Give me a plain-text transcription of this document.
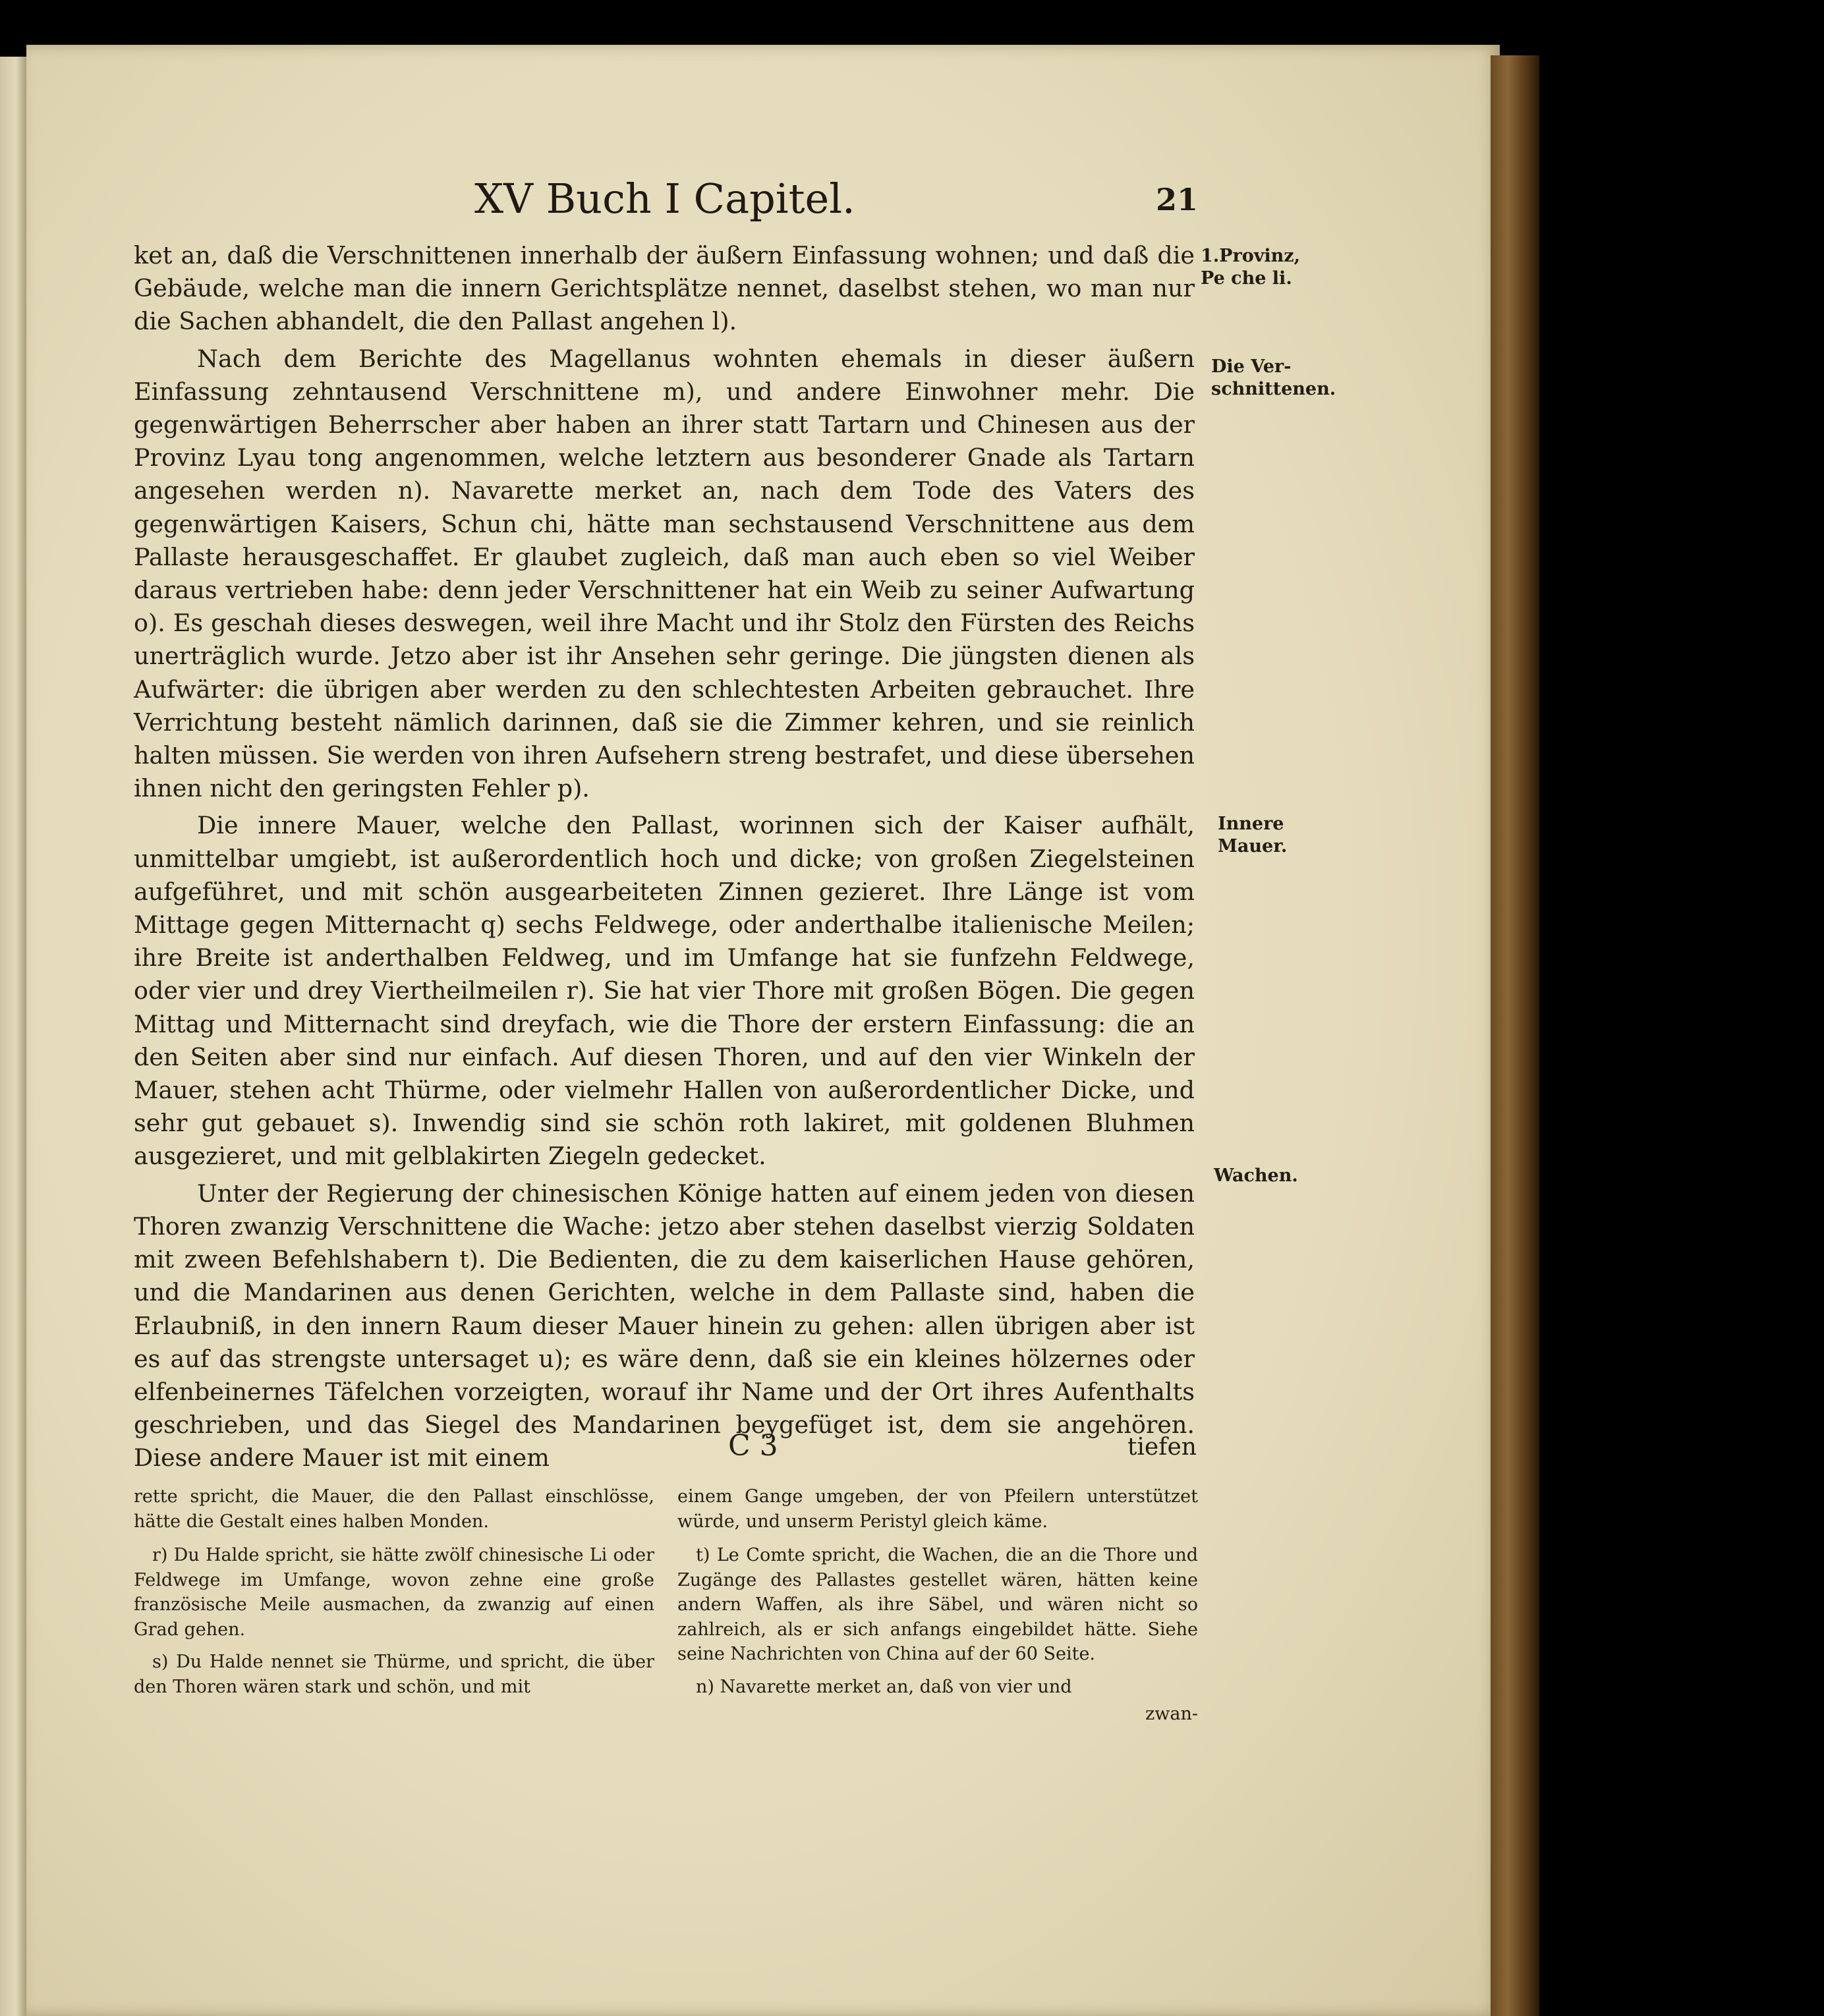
XV Buch I Capitel.	21
1.Provinz,
Pe che li.
Die Ver-
schnittenen.
Innere
Mauer.
Wachen.

ket an, daß die Verschnittenen innerhalb der äußern Einfassung wohnen; und daß die Gebäude, welche man die innern Gerichtsplätze nennet, daselbst stehen, wo man nur die Sachen abhandelt, die den Pallast angehen l).

Nach dem Berichte des Magellanus wohnten ehemals in dieser äußern Einfassung zehntausend Verschnittene m), und andere Einwohner mehr. Die gegenwärtigen Beherrscher aber haben an ihrer statt Tartarn und Chinesen aus der Provinz Lyau tong angenommen, welche letztern aus besonderer Gnade als Tartarn angesehen werden n). Navarette merket an, nach dem Tode des Vaters des gegenwärtigen Kaisers, Schun chi, hätte man sechstausend Verschnittene aus dem Pallaste herausgeschaffet. Er glaubet zugleich, daß man auch eben so viel Weiber daraus vertrieben habe: denn jeder Verschnittener hat ein Weib zu seiner Aufwartung o). Es geschah dieses deswegen, weil ihre Macht und ihr Stolz den Fürsten des Reichs unerträglich wurde. Jetzo aber ist ihr Ansehen sehr geringe. Die jüngsten dienen als Aufwärter: die übrigen aber werden zu den schlechtesten Arbeiten gebrauchet. Ihre Verrichtung besteht nämlich darinnen, daß sie die Zimmer kehren, und sie reinlich halten müssen. Sie werden von ihren Aufsehern streng bestrafet, und diese übersehen ihnen nicht den geringsten Fehler p).

Die innere Mauer, welche den Pallast, worinnen sich der Kaiser aufhält, unmittelbar umgiebt, ist außerordentlich hoch und dicke; von großen Ziegelsteinen aufgeführet, und mit schön ausgearbeiteten Zinnen gezieret. Ihre Länge ist vom Mittage gegen Mitternacht q) sechs Feldwege, oder anderthalbe italienische Meilen; ihre Breite ist anderthalben Feldweg, und im Umfange hat sie funfzehn Feldwege, oder vier und drey Viertheilmeilen r). Sie hat vier Thore mit großen Bögen. Die gegen Mittag und Mitternacht sind dreyfach, wie die Thore der erstern Einfassung: die an den Seiten aber sind nur einfach. Auf diesen Thoren, und auf den vier Winkeln der Mauer, stehen acht Thürme, oder vielmehr Hallen von außerordentlicher Dicke, und sehr gut gebauet s). Inwendig sind sie schön roth lakiret, mit goldenen Bluhmen ausgezieret, und mit gelblakirten Ziegeln gedecket.

Unter der Regierung der chinesischen Könige hatten auf einem jeden von diesen Thoren zwanzig Verschnittene die Wache: jetzo aber stehen daselbst vierzig Soldaten mit zween Befehlshabern t). Die Bedienten, die zu dem kaiserlichen Hause gehören, und die Mandarinen aus denen Gerichten, welche in dem Pallaste sind, haben die Erlaubniß, in den innern Raum dieser Mauer hinein zu gehen: allen übrigen aber ist es auf das strengste untersaget u); es wäre denn, daß sie ein kleines hölzernes oder elfenbeinernes Täfelchen vorzeigten, worauf ihr Name und der Ort ihres Aufenthalts geschrieben, und das Siegel des Mandarinen beygefüget ist, dem sie angehören. Diese andere Mauer ist mit einem	C 3	tiefen

rette spricht, die Mauer, die den Pallast einschlösse, hätte die Gestalt eines halben Monden.

r) Du Halde spricht, sie hätte zwölf chinesische Li oder Feldwege im Umfange, wovon zehne eine große französische Meile ausmachen, da zwanzig auf einen Grad gehen.

s) Du Halde nennet sie Thürme, und spricht, die über den Thoren wären stark und schön, und mit

einem Gange umgeben, der von Pfeilern unterstützet würde, und unserm Peristyl gleich käme.

t) Le Comte spricht, die Wachen, die an die Thore und Zugänge des Pallastes gestellet wären, hätten keine andern Waffen, als ihre Säbel, und wären nicht so zahlreich, als er sich anfangs eingebildet hätte. Siehe seine Nachrichten von China auf der 60 Seite.

n) Navarette merket an, daß von vier und

zwan-
